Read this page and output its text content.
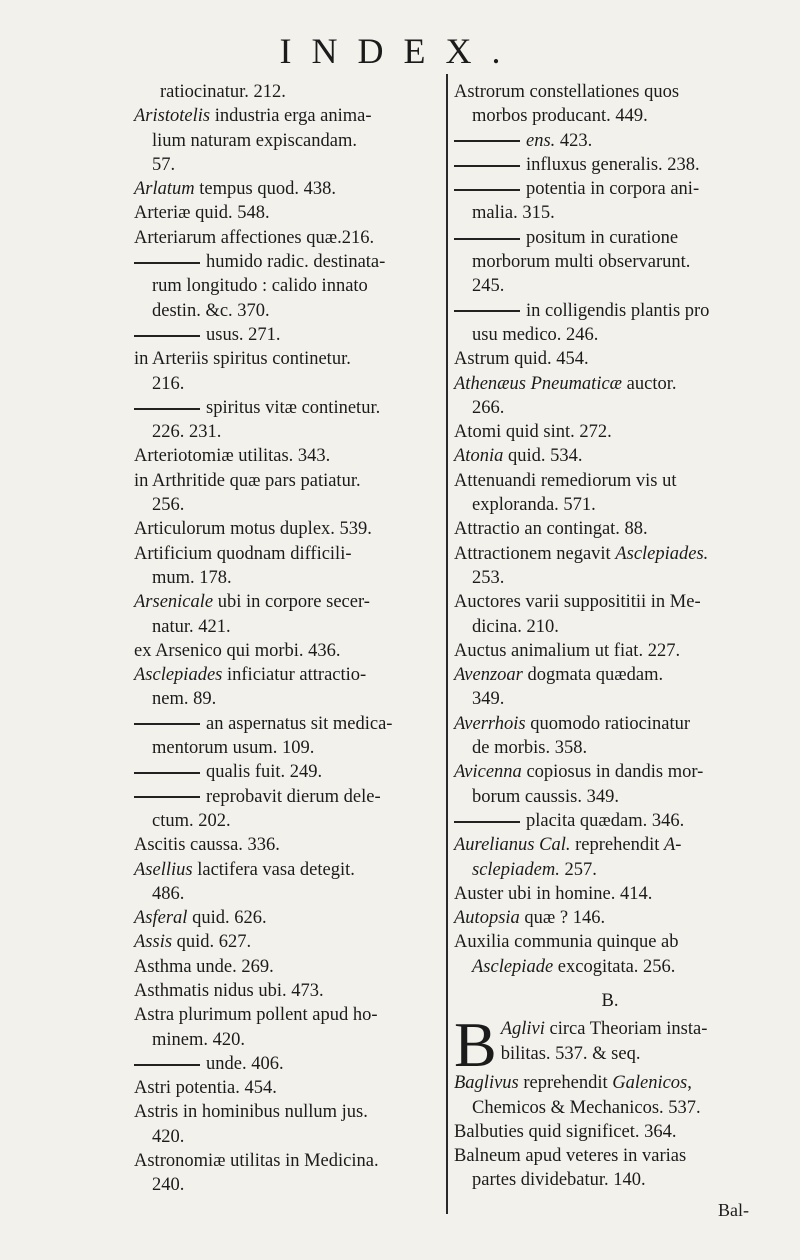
INDEX.
ratiocinatur. 212.
Aristotelis industria erga anima-
lium naturam expiscandam.
57.
Arlatum tempus quod. 438.
Arteriæ quid. 548.
Arteriarum affectiones quæ.216.
humido radic. destinata-
rum longitudo : calido innato
destin. &c. 370.
usus. 271.
in Arteriis spiritus continetur.
216.
spiritus vitæ continetur.
226. 231.
Arteriotomiæ utilitas. 343.
in Arthritide quæ pars patiatur.
256.
Articulorum motus duplex. 539.
Artificium quodnam difficili-
mum. 178.
Arsenicale ubi in corpore secer-
natur. 421.
ex Arsenico qui morbi. 436.
Asclepiades inficiatur attractio-
nem. 89.
an aspernatus sit medica-
mentorum usum. 109.
qualis fuit. 249.
reprobavit dierum dele-
ctum. 202.
Ascitis caussa. 336.
Asellius lactifera vasa detegit.
486.
Asferal quid. 626.
Assis quid. 627.
Asthma unde. 269.
Asthmatis nidus ubi. 473.
Astra plurimum pollent apud ho-
minem. 420.
unde. 406.
Astri potentia. 454.
Astris in hominibus nullum jus.
420.
Astronomiæ utilitas in Medicina.
240.
Astrorum constellationes quos
morbos producant. 449.
ens. 423.
influxus generalis. 238.
potentia in corpora ani-
malia. 315.
positum in curatione
morborum multi observarunt.
245.
in colligendis plantis pro
usu medico. 246.
Astrum quid. 454.
Athenæus Pneumaticæ auctor.
266.
Atomi quid sint. 272.
Atonia quid. 534.
Attenuandi remediorum vis ut
exploranda. 571.
Attractio an contingat. 88.
Attractionem negavit Asclepiades.
253.
Auctores varii supposititii in Me-
dicina. 210.
Auctus animalium ut fiat. 227.
Avenzoar dogmata quædam.
349.
Averrhois quomodo ratiocinatur
de morbis. 358.
Avicenna copiosus in dandis mor-
borum caussis. 349.
placita quædam. 346.
Aurelianus Cal. reprehendit A-
sclepiadem. 257.
Auster ubi in homine. 414.
Autopsia quæ ? 146.
Auxilia communia quinque ab
Asclepiade excogitata. 256.
B.
B Aglivi circa Theoriam insta-
bilitas. 537. & seq.
Baglivus reprehendit Galenicos,
Chemicos & Mechanicos. 537.
Balbuties quid significet. 364.
Balneum apud veteres in varias
partes dividebatur. 140.
Bal-
